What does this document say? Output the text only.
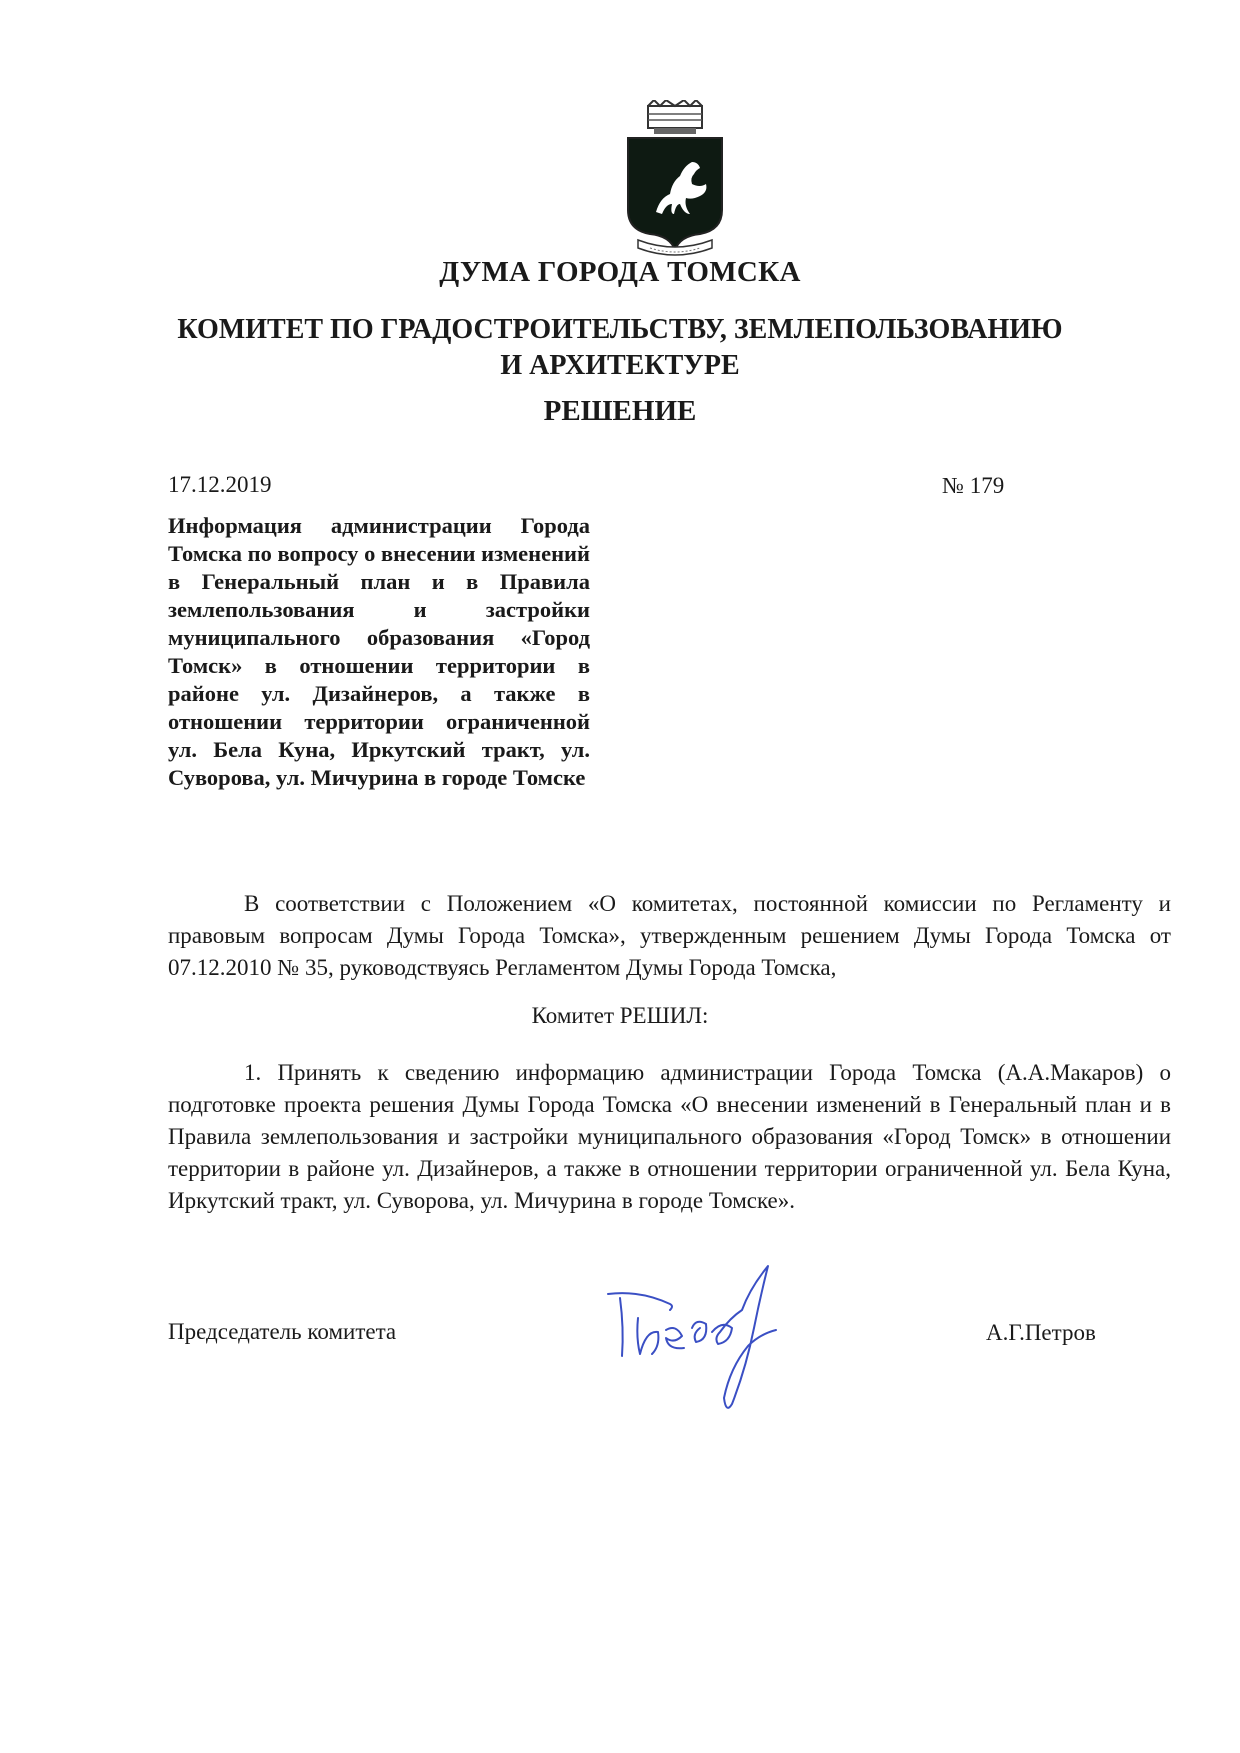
ДУМА ГОРОДА ТОМСКА
КОМИТЕТ ПО ГРАДОСТРОИТЕЛЬСТВУ, ЗЕМЛЕПОЛЬЗОВАНИЮ
И АРХИТЕКТУРЕ
РЕШЕНИЕ
17.12.2019	№ 179
Информация администрации Города Томска по вопросу о внесении изменений в Генеральный план и в Правила землепользования и застройки муниципального образования «Город Томск» в отношении территории в районе ул. Дизайнеров, а также в отношении территории ограниченной ул. Бела Куна, Иркутский тракт, ул. Суворова, ул. Мичурина в городе Томске
В соответствии с Положением «О комитетах, постоянной комиссии по Регламенту и правовым вопросам Думы Города Томска», утвержденным решением Думы Города Томска от 07.12.2010 № 35, руководствуясь Регламентом Думы Города Томска,
Комитет РЕШИЛ:
1. Принять к сведению информацию администрации Города Томска (А.А.Макаров) о подготовке проекта решения Думы Города Томска «О внесении изменений в Генеральный план и в Правила землепользования и застройки муниципального образования «Город Томск» в отношении территории в районе ул. Дизайнеров, а также в отношении территории ограниченной ул. Бела Куна, Иркутский тракт, ул. Суворова, ул. Мичурина в городе Томске».
Председатель комитета	А.Г.Петров
